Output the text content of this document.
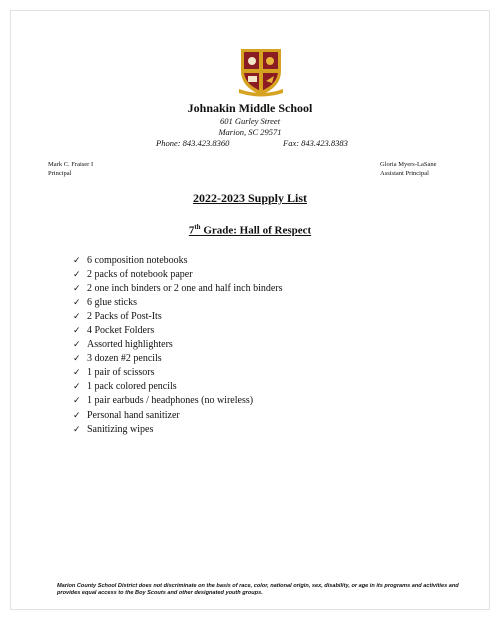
Johnakin Middle School
601 Gurley Street
Marion, SC 29571
Phone: 843.423.8360	Fax: 843.423.8383
Mark C. Fraiser I
Principal
Gloria Myers-LaSane
Assistant Principal
2022-2023 Supply List
7th Grade: Hall of Respect
✓ 6 composition notebooks
✓ 2 packs of notebook paper
✓ 2 one inch binders or 2 one and half inch binders
✓ 6 glue sticks
✓ 2 Packs of Post-Its
✓ 4 Pocket Folders
✓ Assorted highlighters
✓ 3 dozen #2 pencils
✓ 1 pair of scissors
✓ 1 pack colored pencils
✓ 1 pair earbuds / headphones (no wireless)
✓ Personal hand sanitizer
✓ Sanitizing wipes
Marion County School District does not discriminate on the basis of race, color, national origin, sex, disability, or age in its programs and activities and provides equal access to the Boy Scouts and other designated youth groups.
